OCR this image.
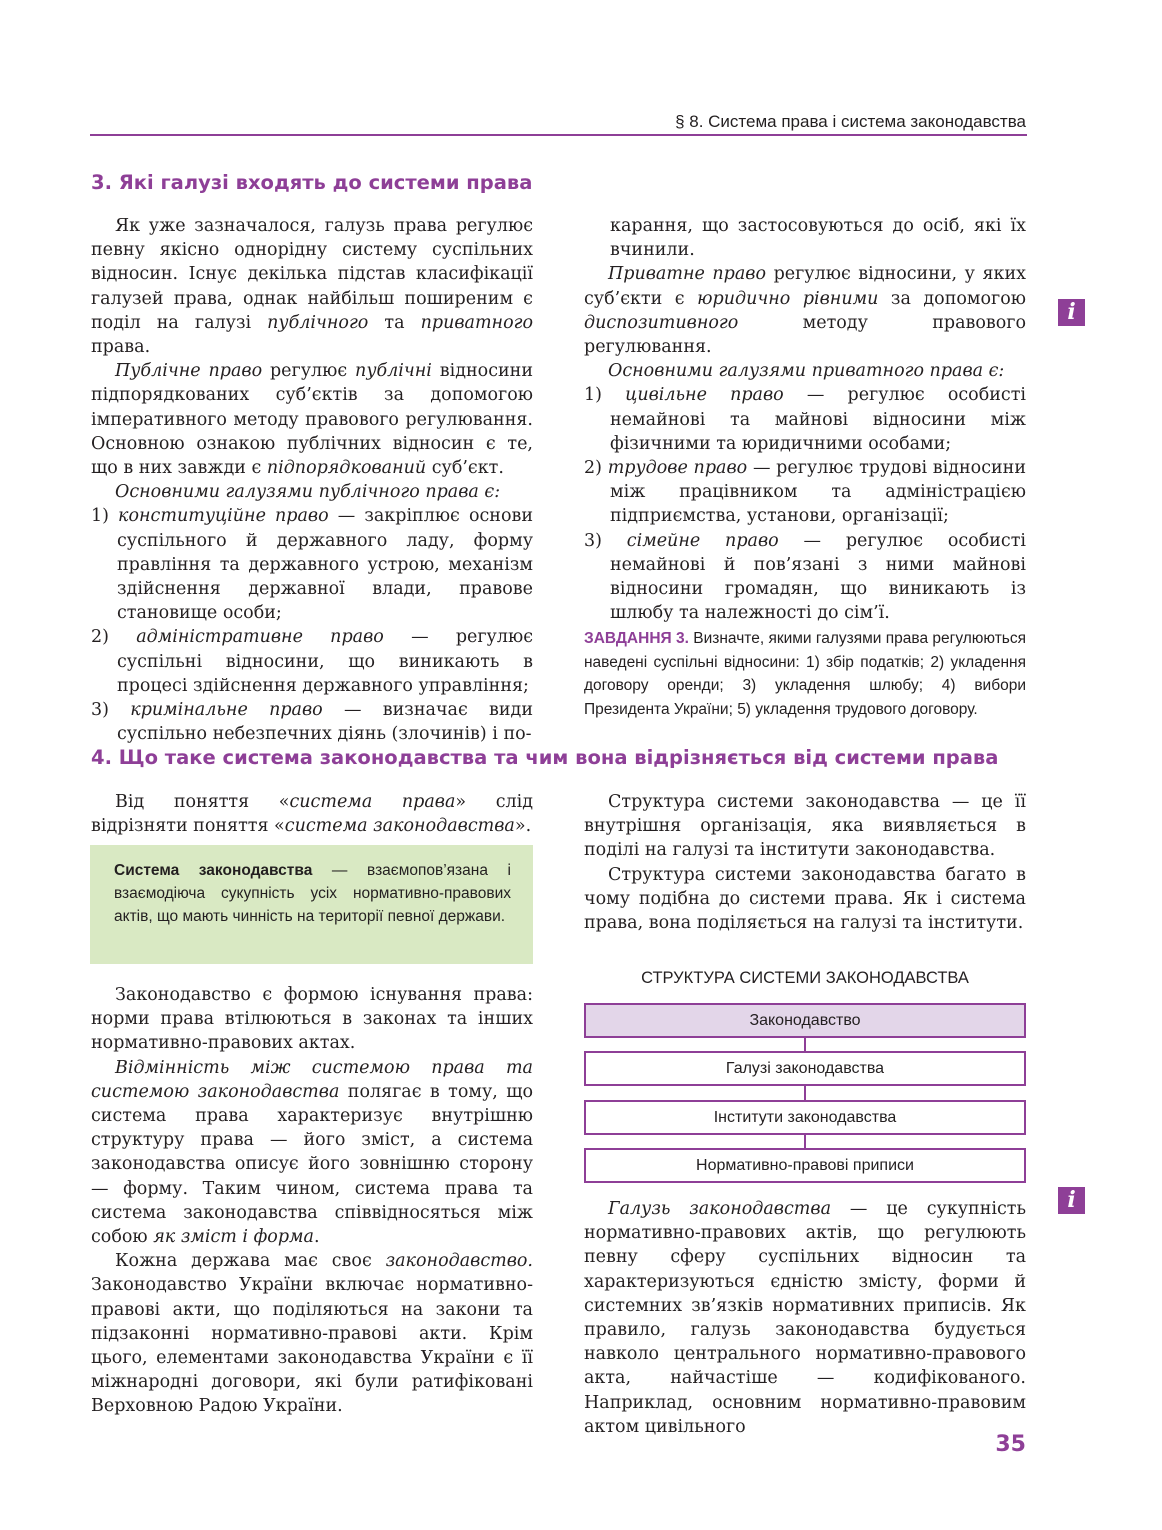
§ 8. Система права і система законодавства
3. Які галузі входять до системи права

Як уже зазначалося, галузь права регулює певну якісно однорідну систему суспільних відносин. Існує декілька підстав класифікації галузей права, однак найбільш поширеним є поділ на галузі публічного та приватного права.

Публічне право регулює публічні відносини підпорядкованих суб’єктів за допомогою імперативного методу правового регулювання. Основною ознакою публічних відносин є те, що в них завжди є підпорядкований суб’єкт.

Основними галузями публічного права є:

1) конституційне право — закріплює основи суспільного й державного ладу, форму правління та державного устрою, механізм здійснення державної влади, правове становище особи;
2) адміністративне право — регулює суспільні відносини, що виникають в процесі здійснення державного управління;
3) кримінальне право — визначає види суспільно небезпечних діянь (злочинів) і по-
карання, що застосовуються до осіб, які їх вчинили.

Приватне право регулює відносини, у яких суб’єкти є юридично рівними за допомогою диспозитивного методу правового регулювання.

Основними галузями приватного права є:

1) цивільне право — регулює особисті немайнові та майнові відносини між фізичними та юридичними особами;
2) трудове право — регулює трудові відносини між працівником та адміністрацією підприємства, установи, організації;
3) сімейне право — регулює особисті немайнові й пов’язані з ними майнові відносини громадян, що виникають із шлюбу та належності до сім’ї.
ЗАВДАННЯ 3. Визначте, якими галузями права регулюються наведені суспільні відносини: 1) збір податків; 2) укладення договору оренди; 3) укладення шлюбу; 4) вибори Президента України; 5) укладення трудового договору.
i
4. Що таке система законодавства та чим вона відрізняється від системи права

Від поняття «система права» слід відрізняти поняття «система законодавства».

Система законодавства — взаємопов’язана і взаємодіюча сукупність усіх нормативно-правових актів, що мають чинність на території певної держави.

Законодавство є формою існування права: норми права втілюються в законах та інших нормативно-правових актах.

Відмінність між системою права та системою законодавства полягає в тому, що система права характеризує внутрішню структуру права — його зміст, а система законодавства описує його зовнішню сторону — форму. Таким чином, система права та система законодавства співвідносяться між собою як зміст і форма.

Кожна держава має своє законодавство. Законодавство України включає нормативно-правові акти, що поділяються на закони та підзаконні нормативно-правові акти. Крім цього, елементами законодавства України є її міжнародні договори, які були ратифіковані Верховною Радою України.

Структура системи законодавства — це її внутрішня організація, яка виявляється в поділі на галузі та інститути законодавства.

Структура системи законодавства багато в чому подібна до системи права. Як і система права, вона поділяється на галузі та інститути.

СТРУКТУРА СИСТЕМИ ЗАКОНОДАВСТВА
Законодавство
Галузі законодавства
Інститути законодавства
Нормативно-правові приписи
i

Галузь законодавства — це сукупність нормативно-правових актів, що регулюють певну сферу суспільних відносин та характеризуються єдністю змісту, форми й системних зв’язків нормативних приписів. Як правило, галузь законодавства будується навколо центрального нормативно-правового акта, найчастіше — кодифікованого. Наприклад, основним нормативно-правовим актом цивільного

35
